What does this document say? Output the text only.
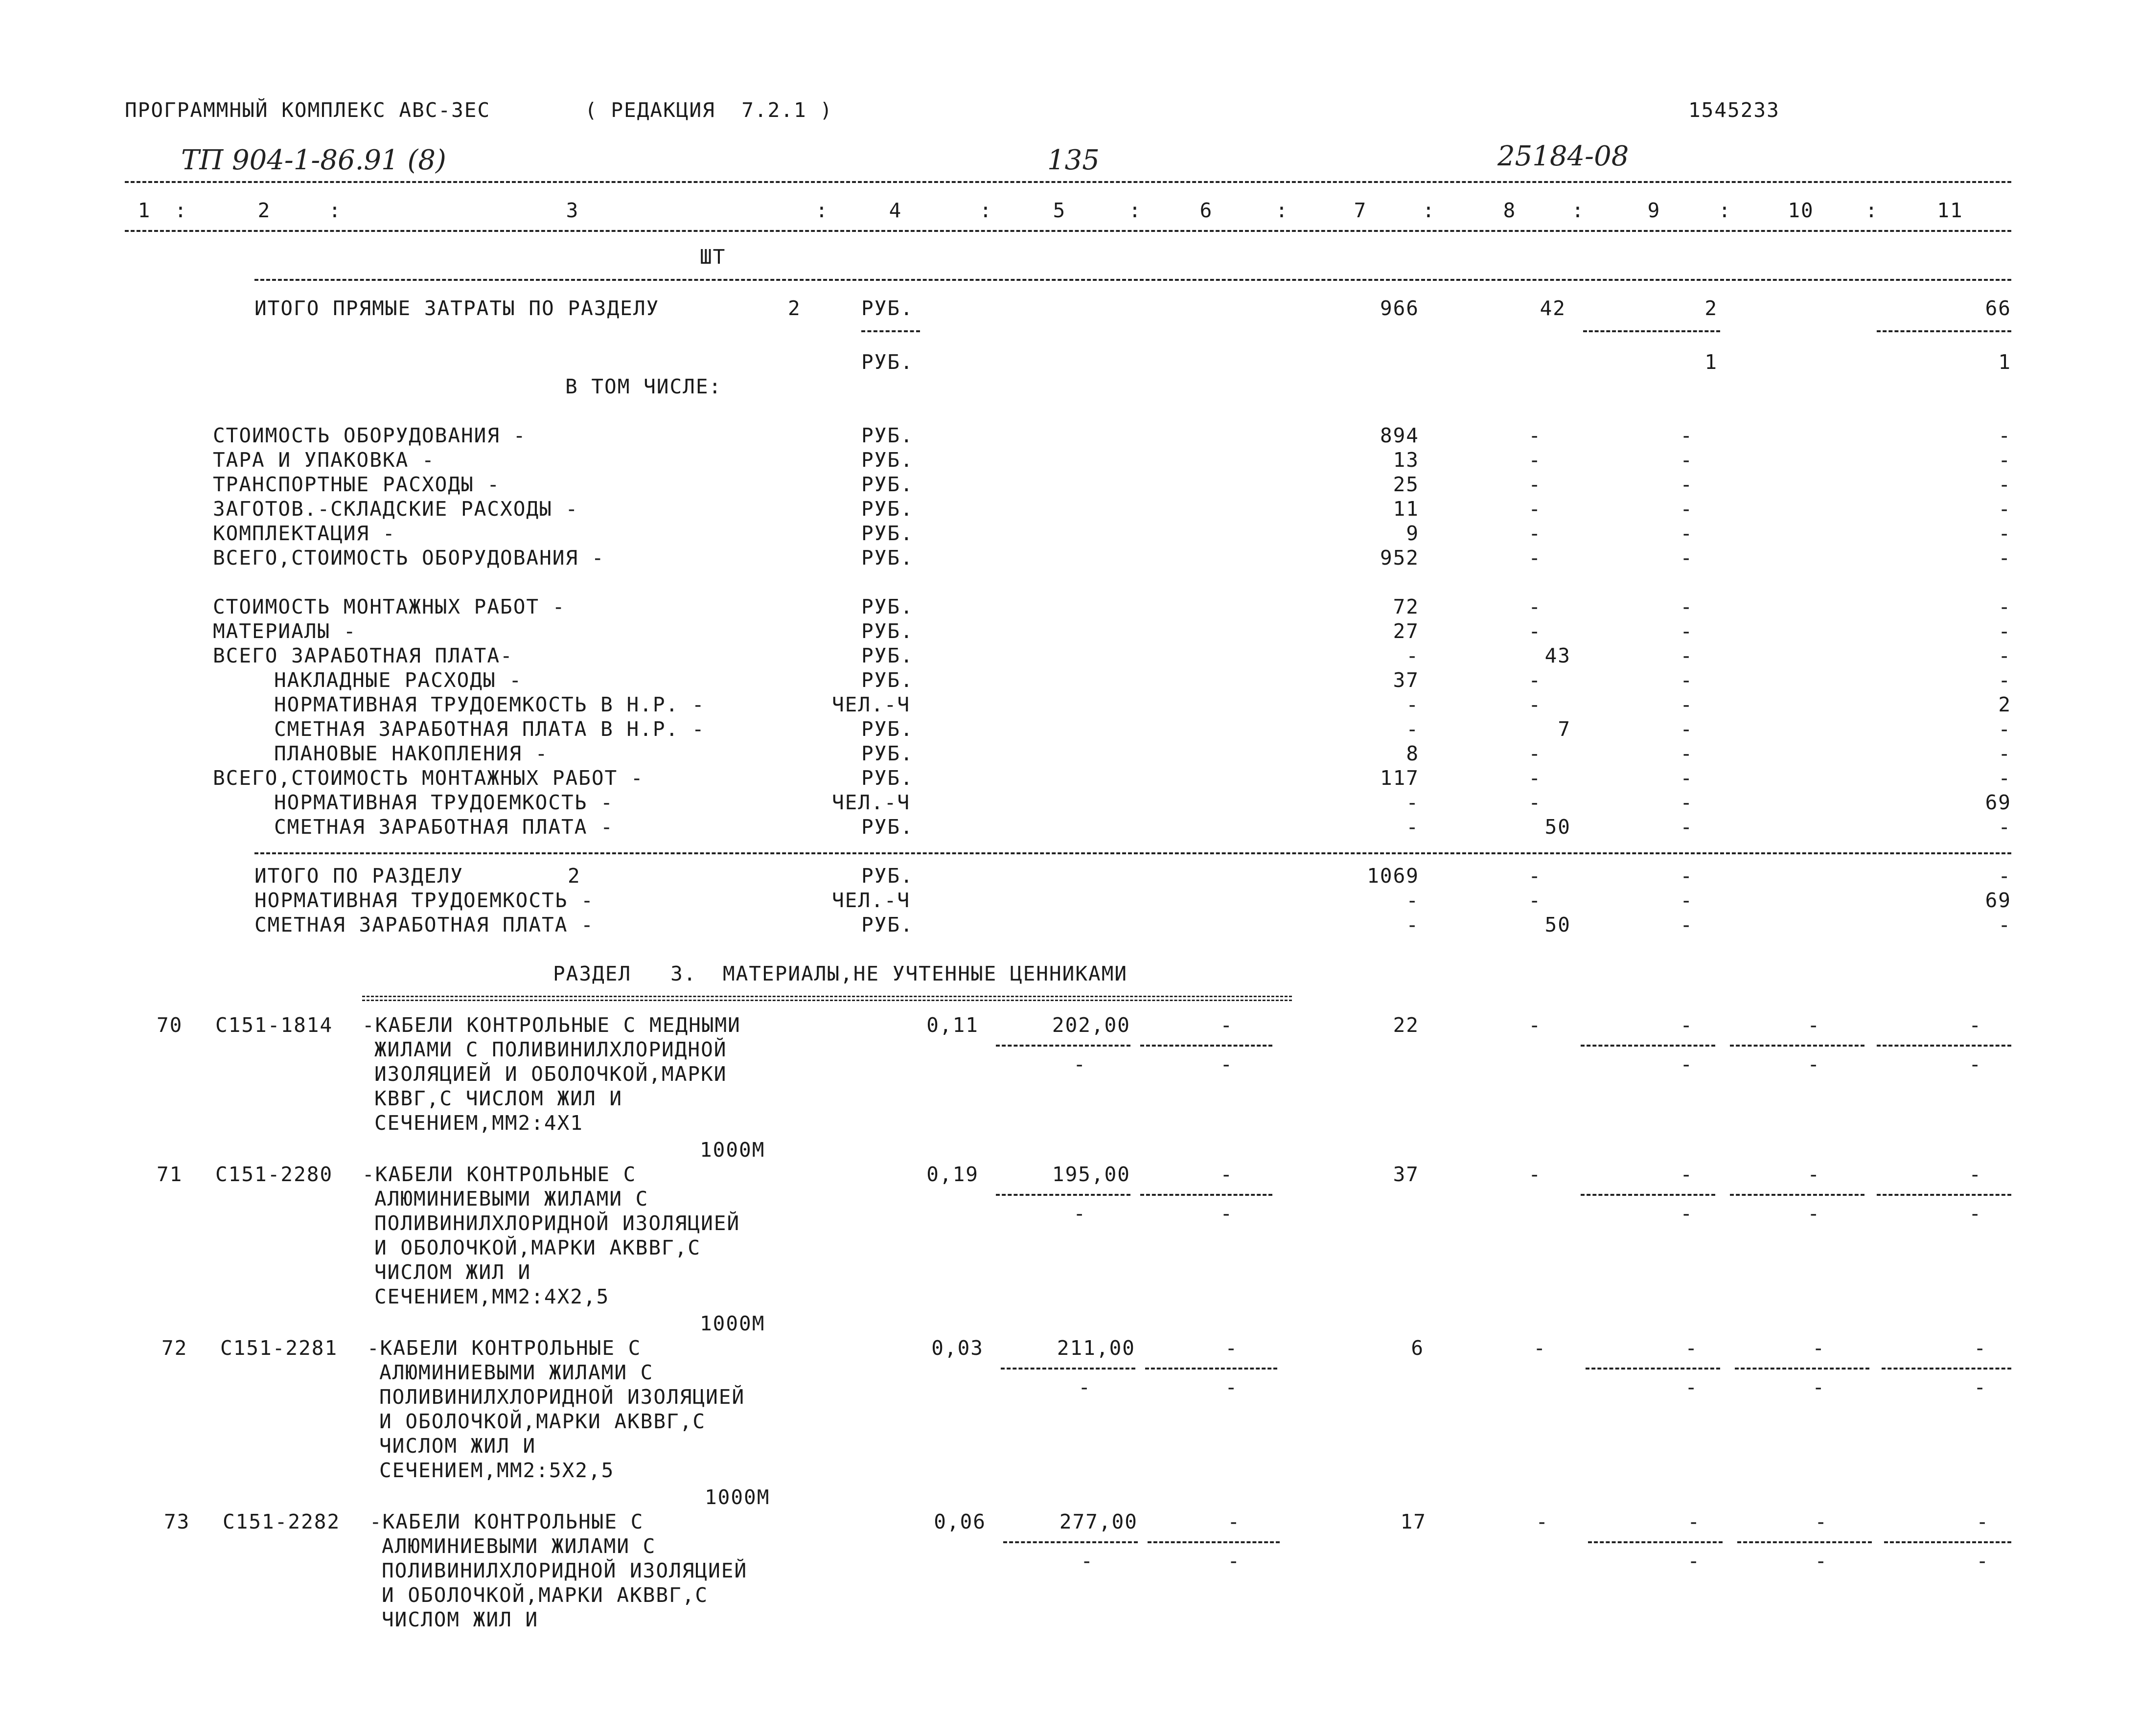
ПРОГРАММНЫЙ КОМПЛЕКС АВС-3ЕС	( РЕДАКЦИЯ  7.2.1 )	1545233
ТП 904-1-86.91 (8)	135	25184-08
1	2	3	4	5	6	7	8	9	10	11
:	:	:	:	:	:	:	:	:	:
ШТ
ИТОГО ПРЯМЫЕ ЗАТРАТЫ ПО РАЗДЕЛУ	2	РУБ.	966	42	2	66
РУБ.	1	1
В ТОМ ЧИСЛЕ:
СТОИМОСТЬ ОБОРУДОВАНИЯ -	РУБ.	894	-	-	-
ТАРА И УПАКОВКА -	РУБ.	13	-	-	-
ТРАНСПОРТНЫЕ РАСХОДЫ -	РУБ.	25	-	-	-
ЗАГОТОВ.-СКЛАДСКИЕ РАСХОДЫ -	РУБ.	11	-	-	-
КОМПЛЕКТАЦИЯ -	РУБ.	9	-	-	-
ВСЕГО,СТОИМОСТЬ ОБОРУДОВАНИЯ -	РУБ.	952	-	-	-
СТОИМОСТЬ МОНТАЖНЫХ РАБОТ -	РУБ.	72	-	-	-
МАТЕРИАЛЫ -	РУБ.	27	-	-	-
ВСЕГО ЗАРАБОТНАЯ ПЛАТА-	РУБ.	-	43	-	-
НАКЛАДНЫЕ РАСХОДЫ -	РУБ.	37	-	-	-
НОРМАТИВНАЯ ТРУДОЕМКОСТЬ В Н.Р. -	ЧЕЛ.-Ч	-	-	-	2
СМЕТНАЯ ЗАРАБОТНАЯ ПЛАТА В Н.Р. -	РУБ.	-	7	-	-
ПЛАНОВЫЕ НАКОПЛЕНИЯ -	РУБ.	8	-	-	-
ВСЕГО,СТОИМОСТЬ МОНТАЖНЫХ РАБОТ -	РУБ.	117	-	-	-
НОРМАТИВНАЯ ТРУДОЕМКОСТЬ -	ЧЕЛ.-Ч	-	-	-	69
СМЕТНАЯ ЗАРАБОТНАЯ ПЛАТА -	РУБ.	-	50	-	-
ИТОГО ПО РАЗДЕЛУ	2	РУБ.	1069	-	-	-
НОРМАТИВНАЯ ТРУДОЕМКОСТЬ -	ЧЕЛ.-Ч	-	-	-	69
СМЕТНАЯ ЗАРАБОТНАЯ ПЛАТА -	РУБ.	-	50	-	-
РАЗДЕЛ   3.  МАТЕРИАЛЫ,НЕ УЧТЕННЫЕ ЦЕННИКАМИ
70 С151-1814 -КАБЕЛИ КОНТРОЛЬНЫЕ С МЕДНЫМИ
ЖИЛАМИ С ПОЛИВИНИЛХЛОРИДНОЙ
ИЗОЛЯЦИЕЙ И ОБОЛОЧКОЙ,МАРКИ
КВВГ,С ЧИСЛОМ ЖИЛ И
СЕЧЕНИЕМ,ММ2:4Х1
1000М
0,11	202,00	-	22	-	-	-	-
-	-	-	-	-
71 С151-2280 -КАБЕЛИ КОНТРОЛЬНЫЕ С
АЛЮМИНИЕВЫМИ ЖИЛАМИ С
ПОЛИВИНИЛХЛОРИДНОЙ ИЗОЛЯЦИЕЙ
И ОБОЛОЧКОЙ,МАРКИ АКВВГ,С
ЧИСЛОМ ЖИЛ И
СЕЧЕНИЕМ,ММ2:4Х2,5
1000М
0,19	195,00	-	37	-	-	-	-
-	-	-	-	-
72 С151-2281 -КАБЕЛИ КОНТРОЛЬНЫЕ С
АЛЮМИНИЕВЫМИ ЖИЛАМИ С
ПОЛИВИНИЛХЛОРИДНОЙ ИЗОЛЯЦИЕЙ
И ОБОЛОЧКОЙ,МАРКИ АКВВГ,С
ЧИСЛОМ ЖИЛ И
СЕЧЕНИЕМ,ММ2:5Х2,5
1000М
0,03	211,00	-	6	-	-	-	-
-	-	-	-	-
73 С151-2282 -КАБЕЛИ КОНТРОЛЬНЫЕ С
АЛЮМИНИЕВЫМИ ЖИЛАМИ С
ПОЛИВИНИЛХЛОРИДНОЙ ИЗОЛЯЦИЕЙ
И ОБОЛОЧКОЙ,МАРКИ АКВВГ,С
ЧИСЛОМ ЖИЛ И
0,06	277,00	-	17	-	-	-	-
-	-	-	-	-
